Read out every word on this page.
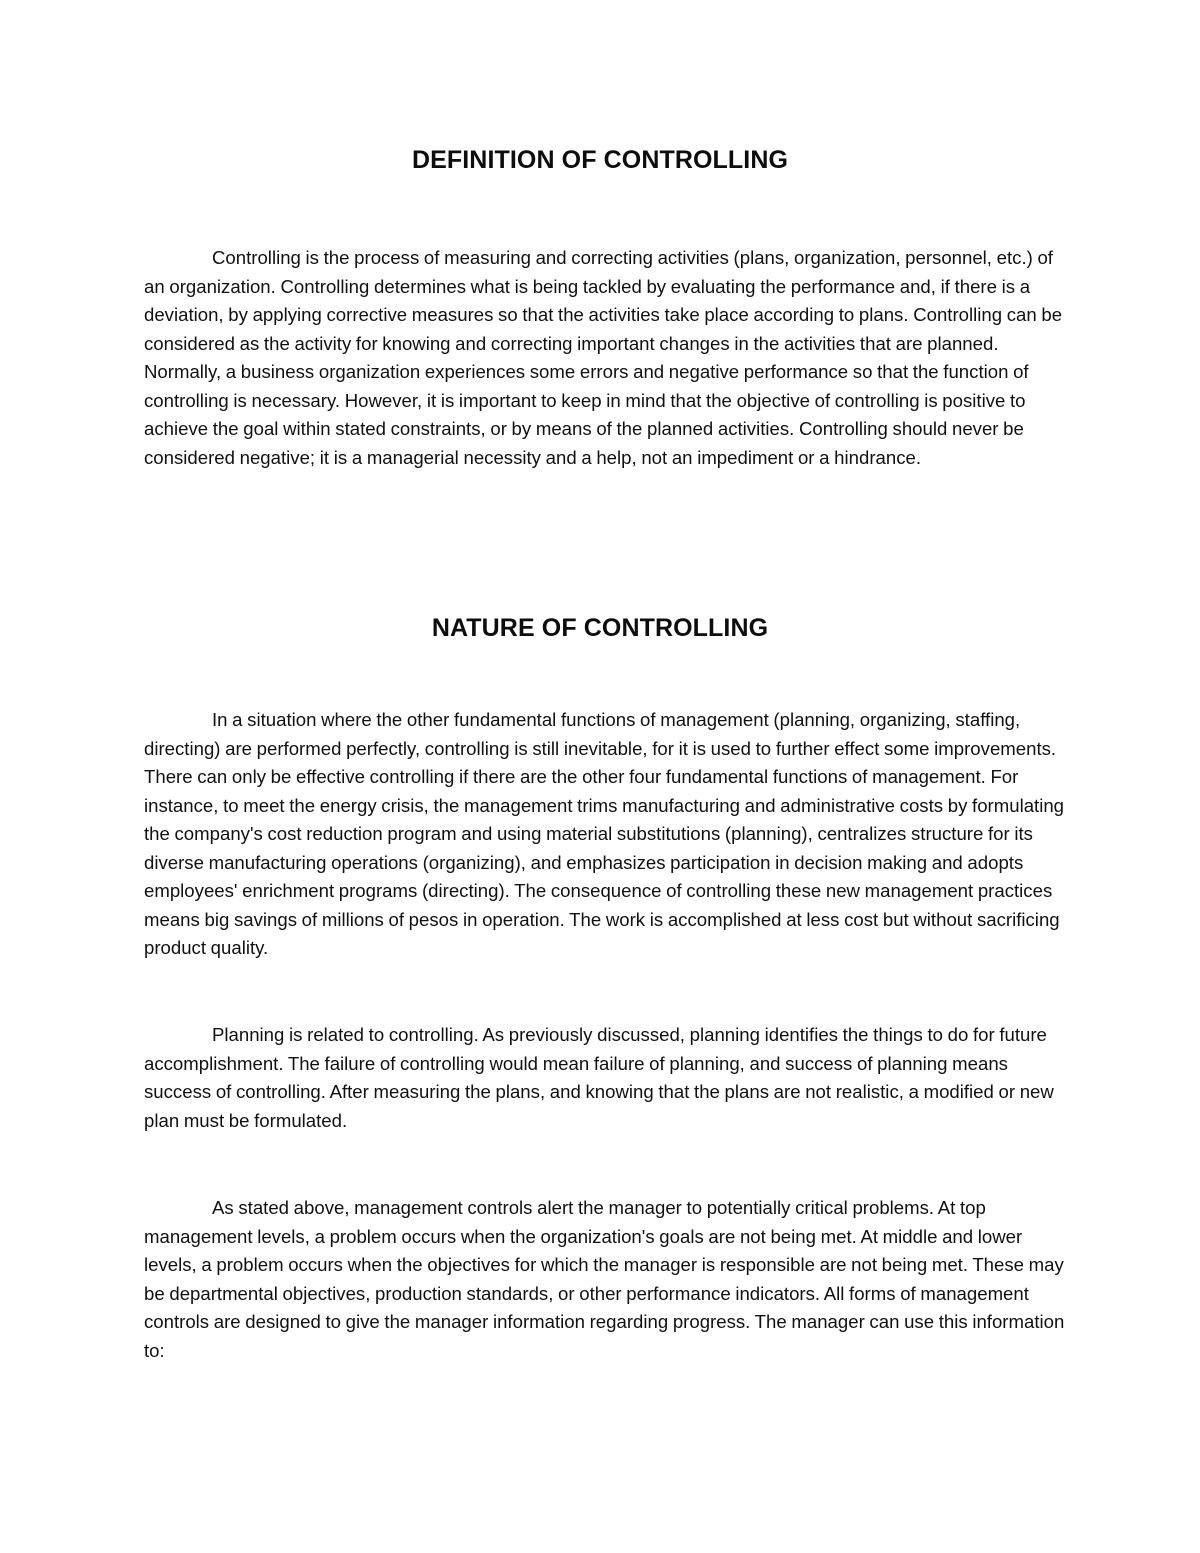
DEFINITION OF CONTROLLING

Controlling is the process of measuring and correcting activities (plans, organization, personnel, etc.) of an organization. Controlling determines what is being tackled by evaluating the performance and, if there is a deviation, by applying corrective measures so that the activities take place according to plans. Controlling can be considered as the activity for knowing and correcting important changes in the activities that are planned. Normally, a business organization experiences some errors and negative performance so that the function of controlling is necessary. However, it is important to keep in mind that the objective of controlling is positive to achieve the goal within stated constraints, or by means of the planned activities. Controlling should never be considered negative; it is a managerial necessity and a help, not an impediment or a hindrance.

NATURE OF CONTROLLING

In a situation where the other fundamental functions of management (planning, organizing, staffing, directing) are performed perfectly, controlling is still inevitable, for it is used to further effect some improvements. There can only be effective controlling if there are the other four fundamental functions of management. For instance, to meet the energy crisis, the management trims manufacturing and administrative costs by formulating the company's cost reduction program and using material substitutions (planning), centralizes structure for its diverse manufacturing operations (organizing), and emphasizes participation in decision making and adopts employees' enrichment programs (directing). The consequence of controlling these new management practices means big savings of millions of pesos in operation. The work is accomplished at less cost but without sacrificing product quality.

Planning is related to controlling. As previously discussed, planning identifies the things to do for future accomplishment. The failure of controlling would mean failure of planning, and success of planning means success of controlling. After measuring the plans, and knowing that the plans are not realistic, a modified or new plan must be formulated.

As stated above, management controls alert the manager to potentially critical problems. At top management levels, a problem occurs when the organization's goals are not being met. At middle and lower levels, a problem occurs when the objectives for which the manager is responsible are not being met. These may be departmental objectives, production standards, or other performance indicators. All forms of management controls are designed to give the manager information regarding progress. The manager can use this information to:
